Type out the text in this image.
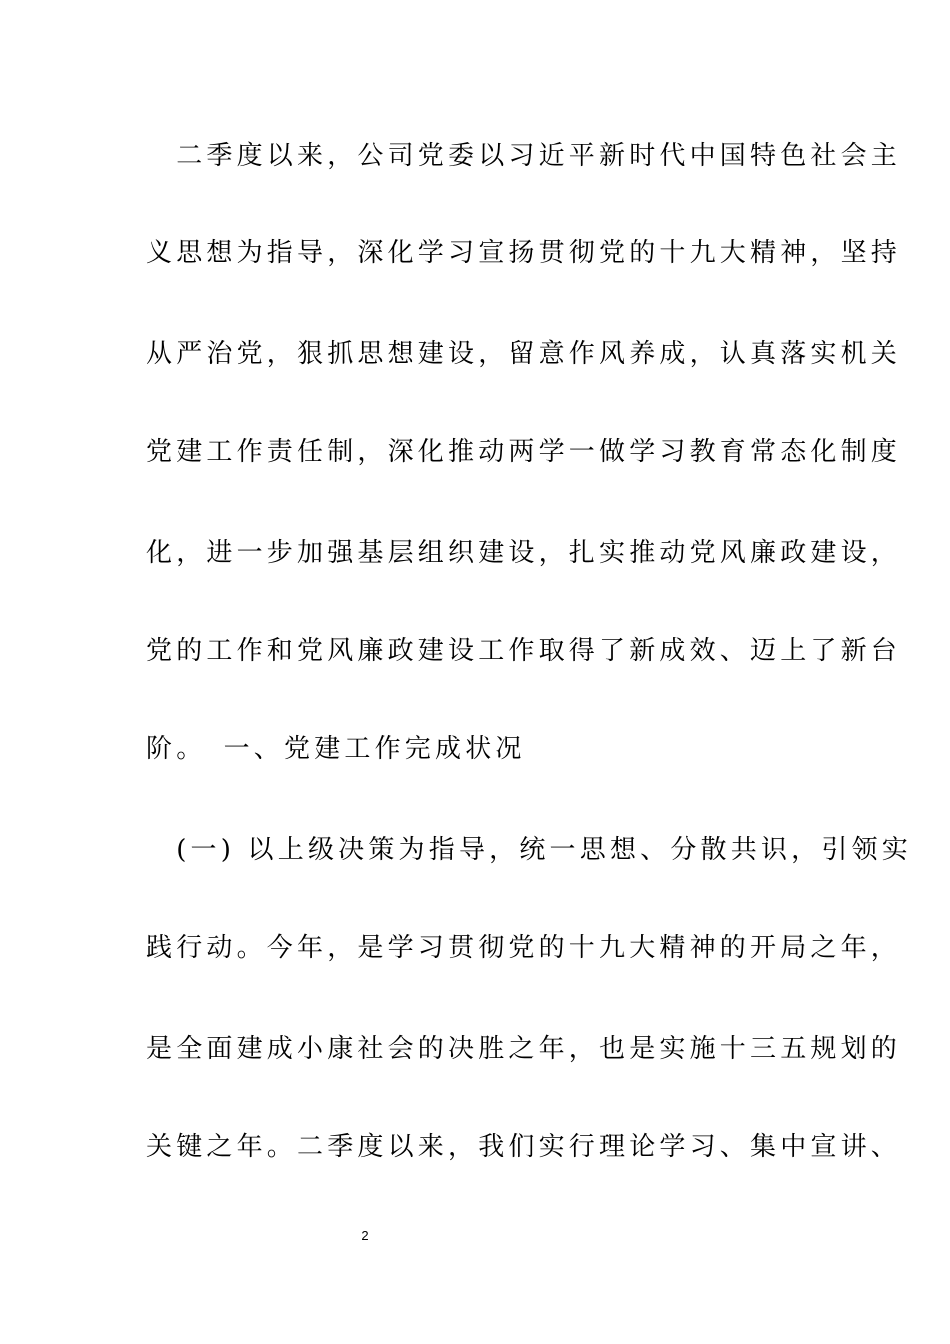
　二季度以来，公司党委以习近平新时代中国特色社会主
义思想为指导，深化学习宣扬贯彻党的十九大精神，坚持
从严治党，狠抓思想建设，留意作风养成，认真落实机关
党建工作责任制，深化推动两学一做学习教育常态化制度
化，进一步加强基层组织建设，扎实推动党风廉政建设，
党的工作和党风廉政建设工作取得了新成效、迈上了新台
阶。　一、党建工作完成状况
　(一) 以上级决策为指导，统一思想、分散共识，引领实
践行动。今年，是学习贯彻党的十九大精神的开局之年，
是全面建成小康社会的决胜之年，也是实施十三五规划的
关键之年。二季度以来，我们实行理论学习、集中宣讲、
2
